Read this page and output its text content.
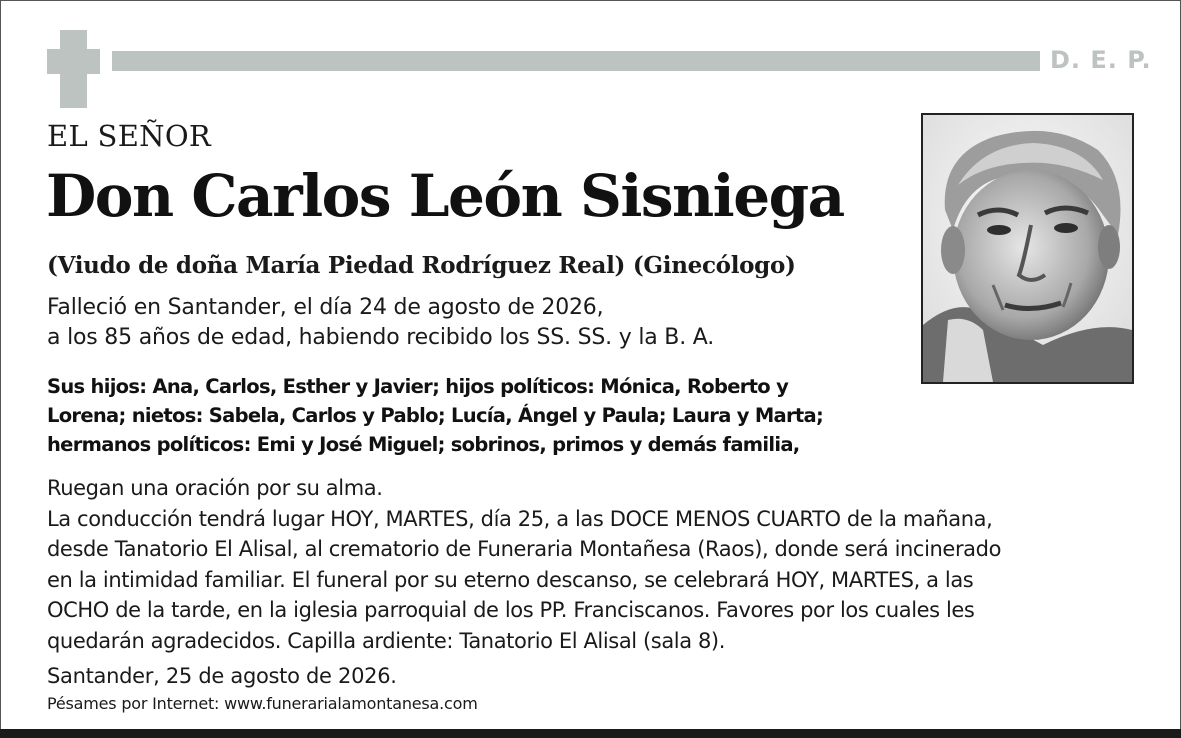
D. E. P.
EL SEÑOR
Don Carlos León Sisniega
(Viudo de doña María Piedad Rodríguez Real) (Ginecólogo)
Falleció en Santander, el día 24 de agosto de 2026,
a los 85 años de edad, habiendo recibido los SS. SS. y la B. A.
Sus hijos: Ana, Carlos, Esther y Javier; hijos políticos: Mónica, Roberto y
Lorena; nietos: Sabela, Carlos y Pablo; Lucía, Ángel y Paula; Laura y Marta;
hermanos políticos: Emi y José Miguel; sobrinos, primos y demás familia,
Ruegan una oración por su alma.
La conducción tendrá lugar HOY, MARTES, día 25, a las DOCE MENOS CUARTO de la mañana,
desde Tanatorio El Alisal, al crematorio de Funeraria Montañesa (Raos), donde será incinerado
en la intimidad familiar. El funeral por su eterno descanso, se celebrará HOY, MARTES, a las
OCHO de la tarde, en la iglesia parroquial de los PP. Franciscanos. Favores por los cuales les
quedarán agradecidos. Capilla ardiente: Tanatorio El Alisal (sala 8).
Santander, 25 de agosto de 2026.
Pésames por Internet: www.funerarialamontanesa.com
